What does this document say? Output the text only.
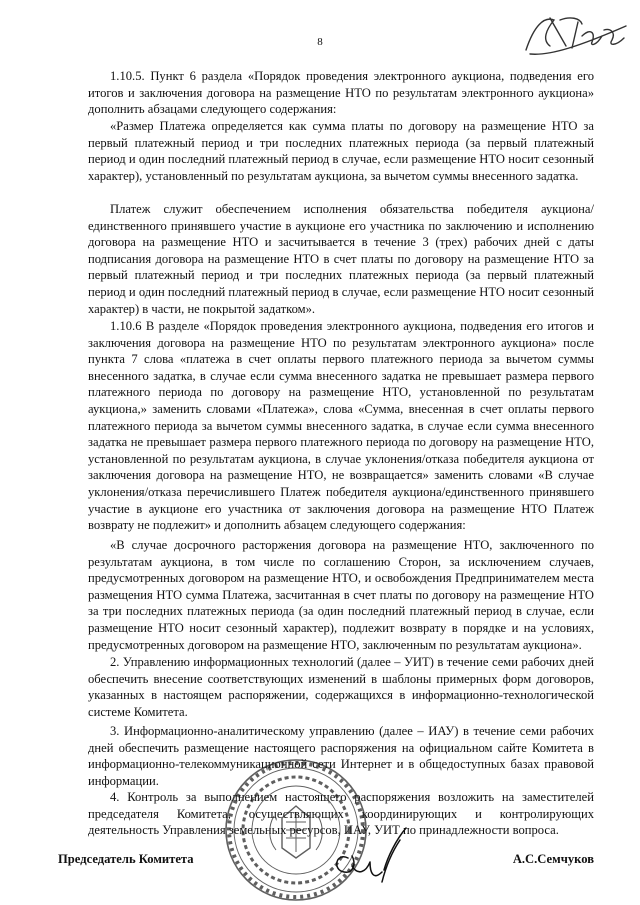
8

1.10.5. Пункт 6 раздела «Порядок проведения электронного аукциона, подведения его итогов и заключения договора на размещение НТО по результатам электронного аукциона» дополнить абзацами следующего содержания:

«Размер Платежа определяется как сумма платы по договору на размещение НТО за первый платежный период и три последних платежных периода (за первый платежный период и один последний платежный период в случае, если размещение НТО носит сезонный характер), установленный по результатам аукциона, за вычетом суммы внесенного задатка.

Платеж служит обеспечением исполнения обязательства победителя аукциона/единственного принявшего участие в аукционе его участника по заключению и исполнению договора на размещение НТО и засчитывается в течение 3 (трех) рабочих дней с даты подписания договора на размещение НТО в счет платы по договору на размещение НТО за первый платежный период и три последних платежных периода (за первый платежный период и один последний платежный период в случае, если размещение НТО носит сезонный характер) в части, не покрытой задатком».

1.10.6 В разделе «Порядок проведения электронного аукциона, подведения его итогов и заключения договора на размещение НТО по результатам электронного аукциона» после пункта 7 слова «платежа в счет оплаты первого платежного периода за вычетом суммы внесенного задатка, в случае если сумма внесенного задатка не превышает размера первого платежного периода по договору на размещение НТО, установленной по результатам аукциона,» заменить словами «Платежа», слова «Сумма, внесенная в счет оплаты первого платежного периода за вычетом суммы внесенного задатка, в случае если сумма внесенного задатка не превышает размера первого платежного периода по договору на размещение НТО, установленной по результатам аукциона, в случае уклонения/отказа победителя аукциона от заключения договора на размещение НТО, не возвращается» заменить словами «В случае уклонения/отказа перечислившего Платеж победителя аукциона/единственного принявшего участие в аукционе его участника от заключения договора на размещение НТО Платеж возврату не подлежит» и дополнить абзацем следующего содержания:

«В случае досрочного расторжения договора на размещение НТО, заключенного по результатам аукциона, в том числе по соглашению Сторон, за исключением случаев, предусмотренных договором на размещение НТО, и освобождения Предпринимателем места размещения НТО сумма Платежа, засчитанная в счет платы по договору на размещение НТО за три последних платежных периода (за один последний платежный период в случае, если размещение НТО носит сезонный характер), подлежит возврату в порядке и на условиях, предусмотренных договором на размещение НТО, заключенным по результатам аукциона».

2. Управлению информационных технологий (далее – УИТ) в течение семи рабочих дней обеспечить внесение соответствующих изменений в шаблоны примерных форм договоров, указанных в настоящем распоряжении, содержащихся в информационно-технологической системе Комитета.

3. Информационно-аналитическому управлению (далее – ИАУ) в течение семи рабочих дней обеспечить размещение настоящего распоряжения на официальном сайте Комитета в информационно-телекоммуникационной сети Интернет и в общедоступных базах правовой информации.

4. Контроль за выполнением настоящего распоряжения возложить на заместителей председателя Комитета, осуществляющих координирующих и контролирующих деятельность Управления земельных ресурсов, ИАУ, УИТ по принадлежности вопроса.

Председатель Комитета	А.С.Семчуков
